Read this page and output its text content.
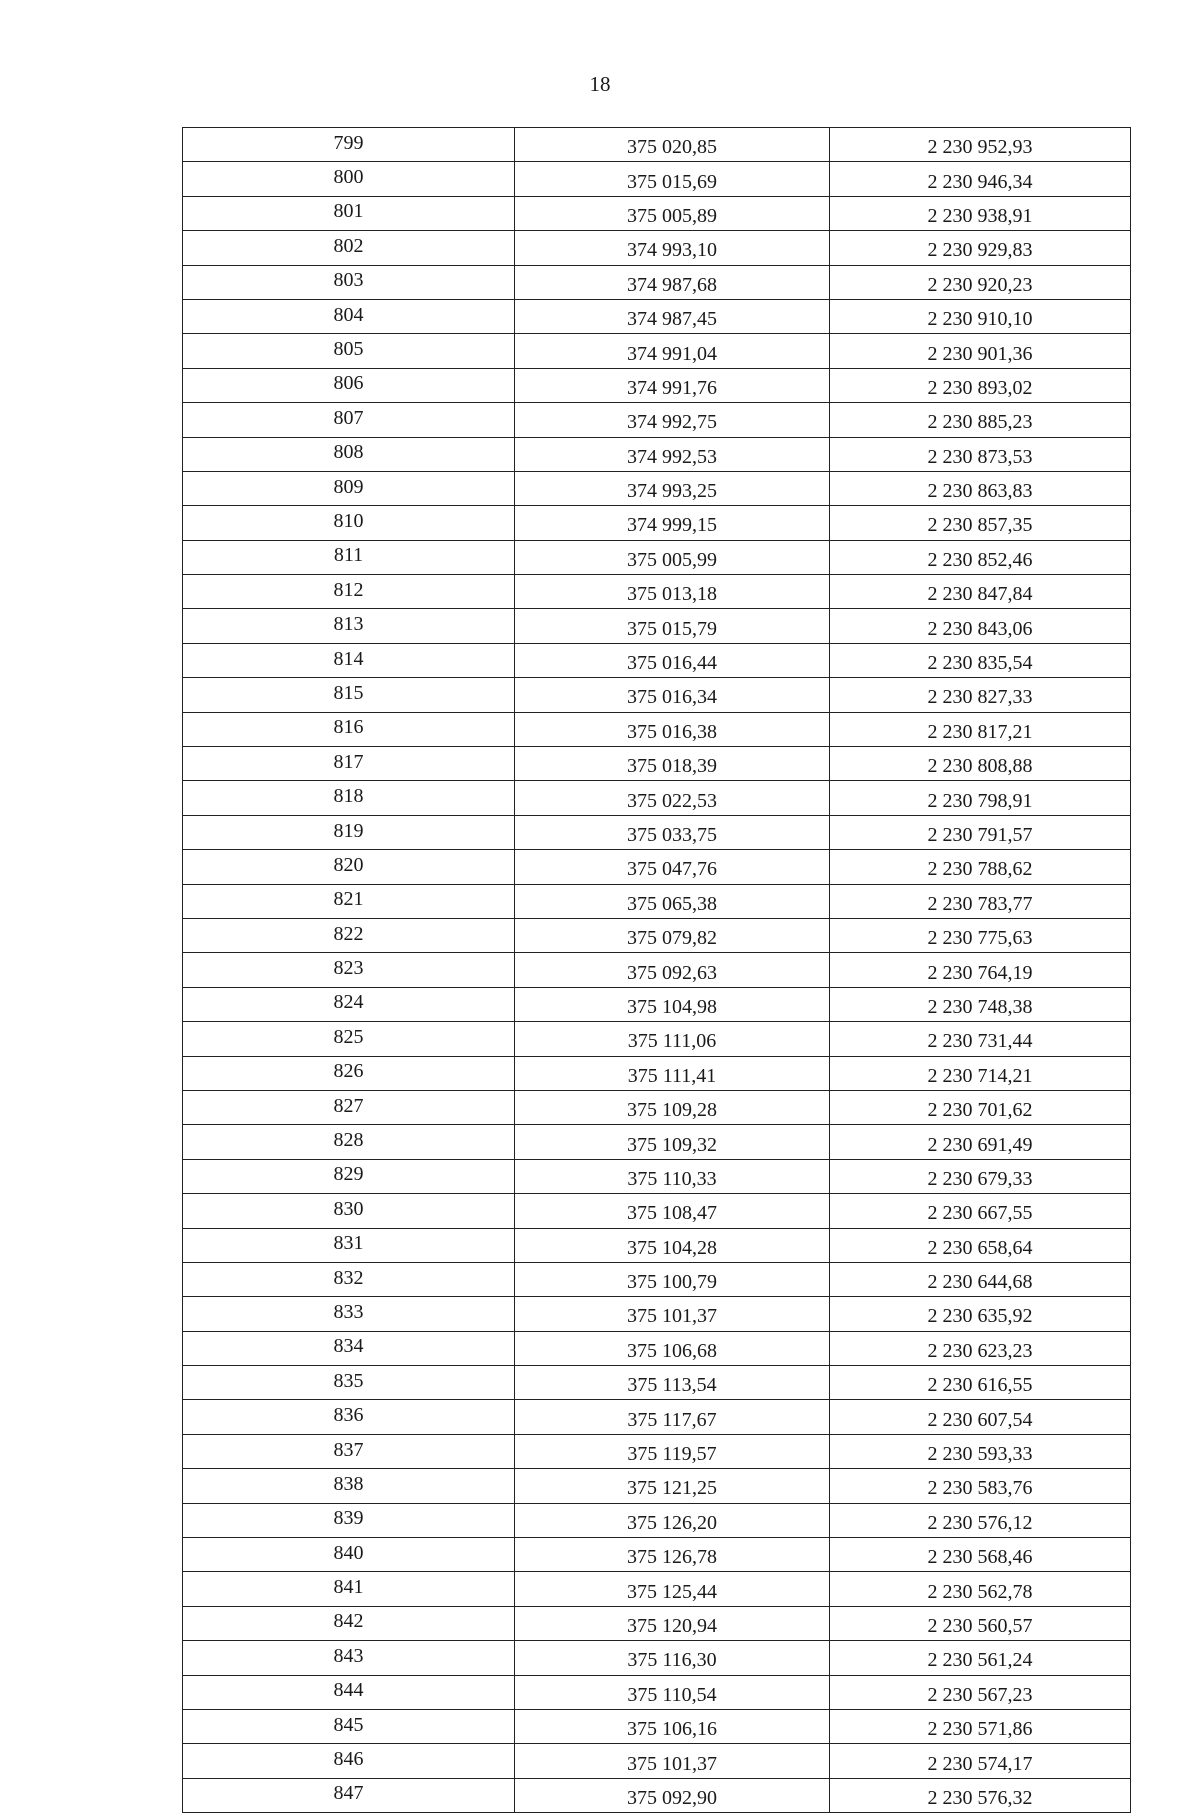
18
799	375 020,85	2 230 952,93
800	375 015,69	2 230 946,34
801	375 005,89	2 230 938,91
802	374 993,10	2 230 929,83
803	374 987,68	2 230 920,23
804	374 987,45	2 230 910,10
805	374 991,04	2 230 901,36
806	374 991,76	2 230 893,02
807	374 992,75	2 230 885,23
808	374 992,53	2 230 873,53
809	374 993,25	2 230 863,83
810	374 999,15	2 230 857,35
811	375 005,99	2 230 852,46
812	375 013,18	2 230 847,84
813	375 015,79	2 230 843,06
814	375 016,44	2 230 835,54
815	375 016,34	2 230 827,33
816	375 016,38	2 230 817,21
817	375 018,39	2 230 808,88
818	375 022,53	2 230 798,91
819	375 033,75	2 230 791,57
820	375 047,76	2 230 788,62
821	375 065,38	2 230 783,77
822	375 079,82	2 230 775,63
823	375 092,63	2 230 764,19
824	375 104,98	2 230 748,38
825	375 111,06	2 230 731,44
826	375 111,41	2 230 714,21
827	375 109,28	2 230 701,62
828	375 109,32	2 230 691,49
829	375 110,33	2 230 679,33
830	375 108,47	2 230 667,55
831	375 104,28	2 230 658,64
832	375 100,79	2 230 644,68
833	375 101,37	2 230 635,92
834	375 106,68	2 230 623,23
835	375 113,54	2 230 616,55
836	375 117,67	2 230 607,54
837	375 119,57	2 230 593,33
838	375 121,25	2 230 583,76
839	375 126,20	2 230 576,12
840	375 126,78	2 230 568,46
841	375 125,44	2 230 562,78
842	375 120,94	2 230 560,57
843	375 116,30	2 230 561,24
844	375 110,54	2 230 567,23
845	375 106,16	2 230 571,86
846	375 101,37	2 230 574,17
847	375 092,90	2 230 576,32
